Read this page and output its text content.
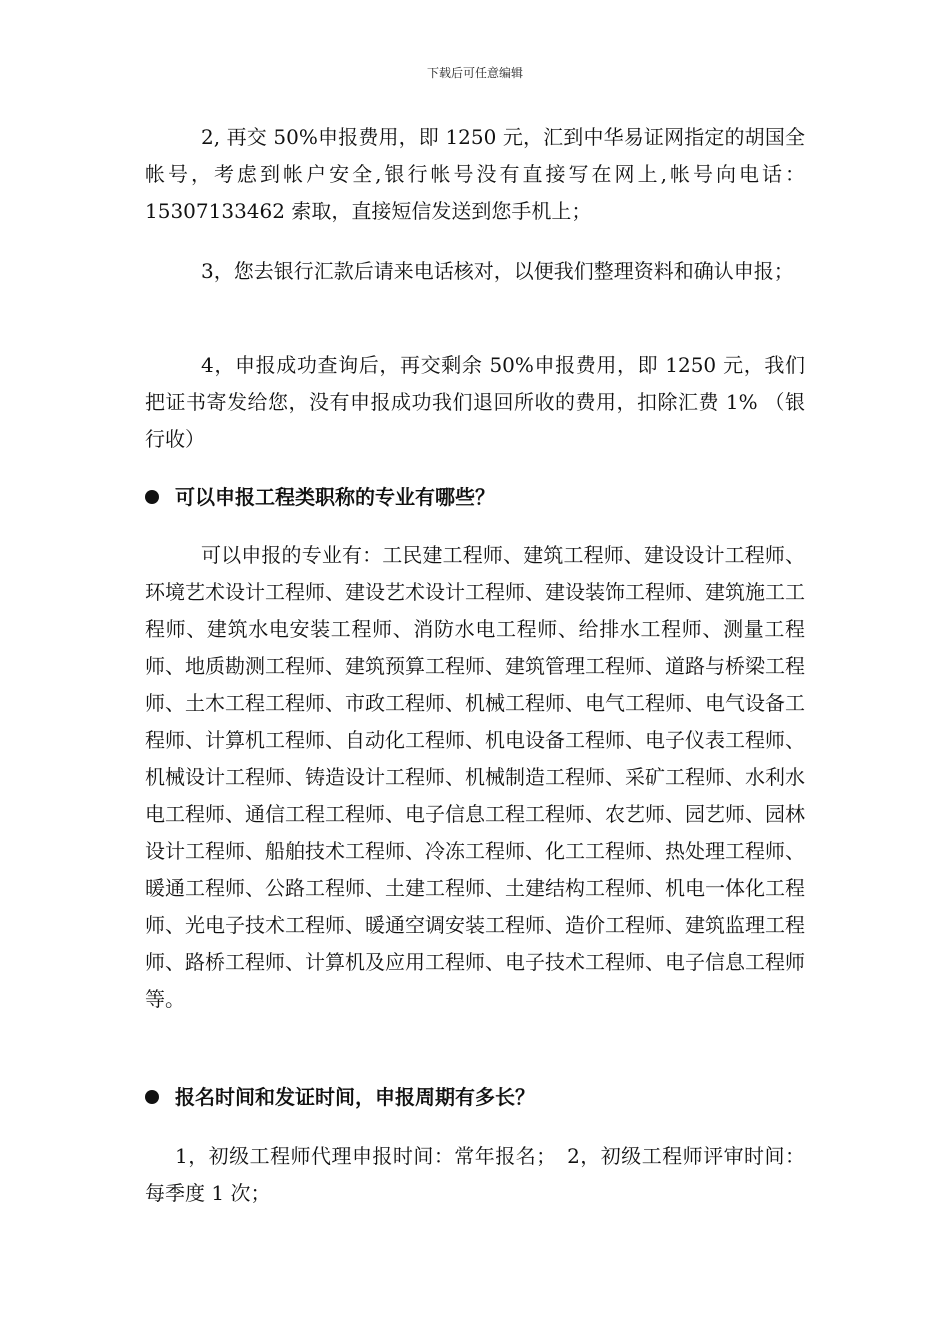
下载后可任意编辑

2, 再交 50%申报费用，即 1250 元，汇到中华易证网指定的胡国全帐号，考虑到帐户安全,银行帐号没有直接写在网上,帐号向电话：15307133462 索取，直接短信发送到您手机上；

3，您去银行汇款后请来电话核对，以便我们整理资料和确认申报；

4，申报成功查询后，再交剩余 50%申报费用，即 1250 元，我们把证书寄发给您，没有申报成功我们退回所收的费用，扣除汇费 1% （银行收）

可以申报工程类职称的专业有哪些？

可以申报的专业有：工民建工程师、建筑工程师、建设设计工程师、环境艺术设计工程师、建设艺术设计工程师、建设装饰工程师、建筑施工工程师、建筑水电安装工程师、消防水电工程师、给排水工程师、测量工程师、地质勘测工程师、建筑预算工程师、建筑管理工程师、道路与桥梁工程师、土木工程工程师、市政工程师、机械工程师、电气工程师、电气设备工程师、计算机工程师、自动化工程师、机电设备工程师、电子仪表工程师、机械设计工程师、铸造设计工程师、机械制造工程师、采矿工程师、水利水电工程师、通信工程工程师、电子信息工程工程师、农艺师、园艺师、园林设计工程师、船舶技术工程师、冷冻工程师、化工工程师、热处理工程师、暖通工程师、公路工程师、土建工程师、土建结构工程师、机电一体化工程师、光电子技术工程师、暖通空调安装工程师、造价工程师、建筑监理工程师、路桥工程师、计算机及应用工程师、电子技术工程师、电子信息工程师等。

报名时间和发证时间，申报周期有多长？

1，初级工程师代理申报时间：常年报名；　2，初级工程师评审时间：每季度 1 次；
